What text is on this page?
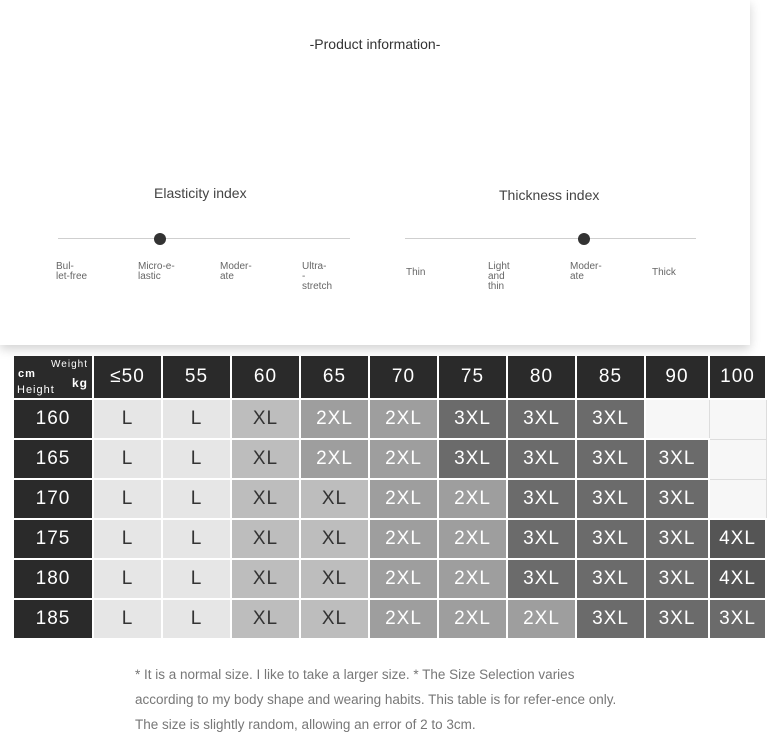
-Product information-
Elasticity index
Bul-
let-free
Micro-e-
lastic
Moder-
ate
Ultra-
-stretch
Thickness index
Thin
Light and
thin
Moder-
ate	Thick
Weight
kg
cm
Height	≤50	55	60	65	70	75	80	85	90	100
160	L	L	XL	2XL	2XL	3XL	3XL	3XL		
165	L	L	XL	2XL	2XL	3XL	3XL	3XL	3XL	
170	L	L	XL	XL	2XL	2XL	3XL	3XL	3XL	
175	L	L	XL	XL	2XL	2XL	3XL	3XL	3XL	4XL
180	L	L	XL	XL	2XL	2XL	3XL	3XL	3XL	4XL
185	L	L	XL	XL	2XL	2XL	2XL	3XL	3XL	3XL
* It is a normal size. I like to take a larger size. * The Size Selection varies according to my body shape and wearing habits. This table is for refer-ence only. The size is slightly random, allowing an error of 2 to 3cm.
